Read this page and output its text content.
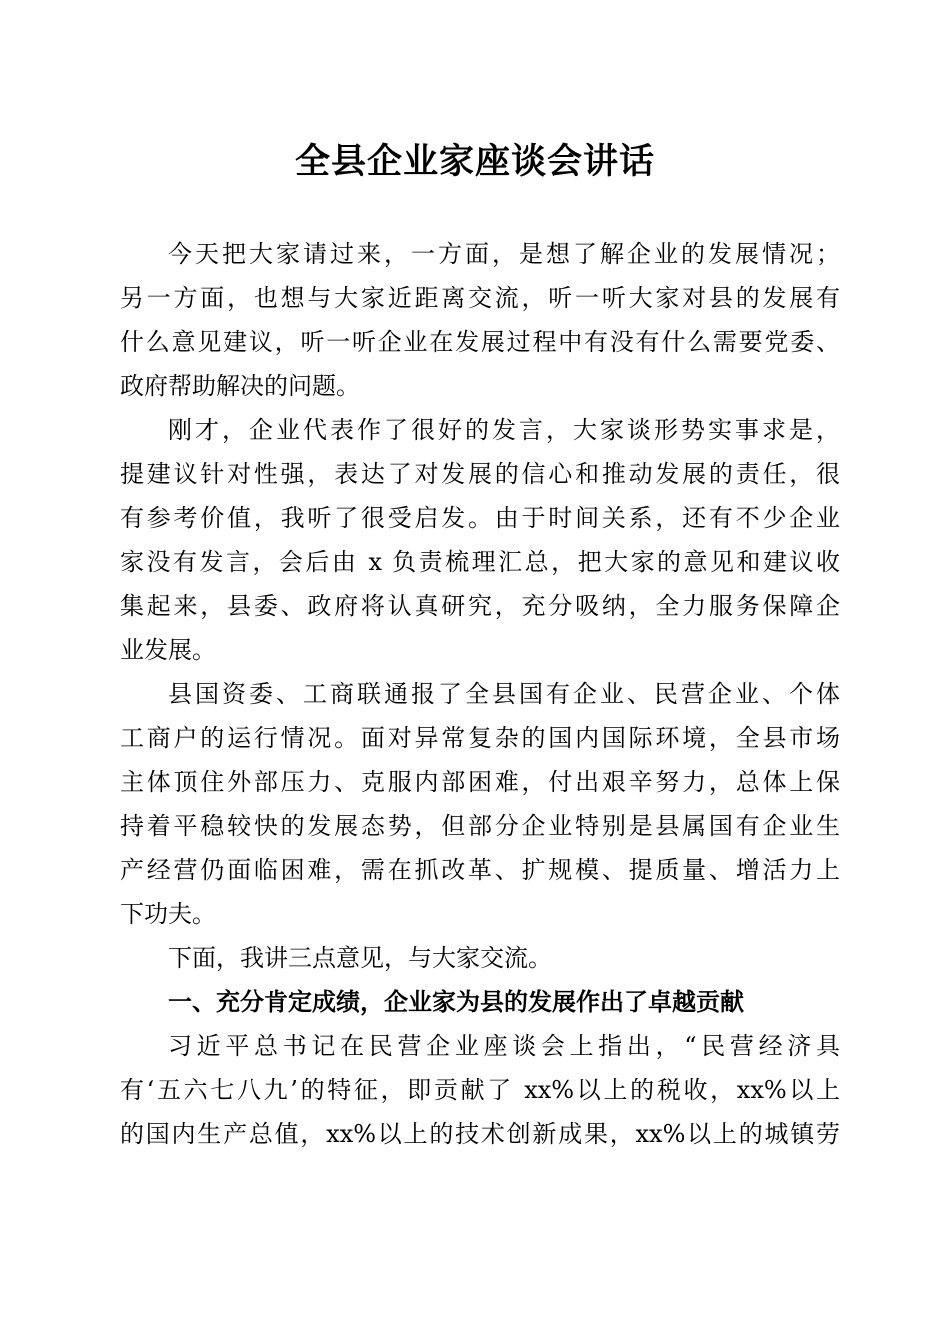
全县企业家座谈会讲话
今天把大家请过来，一方面，是想了解企业的发展情况；
另一方面，也想与大家近距离交流，听一听大家对县的发展有
什么意见建议，听一听企业在发展过程中有没有什么需要党委、
政府帮助解决的问题。
刚才，企业代表作了很好的发言，大家谈形势实事求是，
提建议针对性强，表达了对发展的信心和推动发展的责任，很
有参考价值，我听了很受启发。由于时间关系，还有不少企业
家没有发言，会后由 x 负责梳理汇总，把大家的意见和建议收
集起来，县委、政府将认真研究，充分吸纳，全力服务保障企
业发展。
县国资委、工商联通报了全县国有企业、民营企业、个体
工商户的运行情况。面对异常复杂的国内国际环境，全县市场
主体顶住外部压力、克服内部困难，付出艰辛努力，总体上保
持着平稳较快的发展态势，但部分企业特别是县属国有企业生
产经营仍面临困难，需在抓改革、扩规模、提质量、增活力上
下功夫。
下面，我讲三点意见，与大家交流。
一、充分肯定成绩，企业家为县的发展作出了卓越贡献
习近平总书记在民营企业座谈会上指出，“民营经济具
有‘五六七八九’的特征，即贡献了 xx%以上的税收，xx%以上
的国内生产总值，xx%以上的技术创新成果，xx%以上的城镇劳
